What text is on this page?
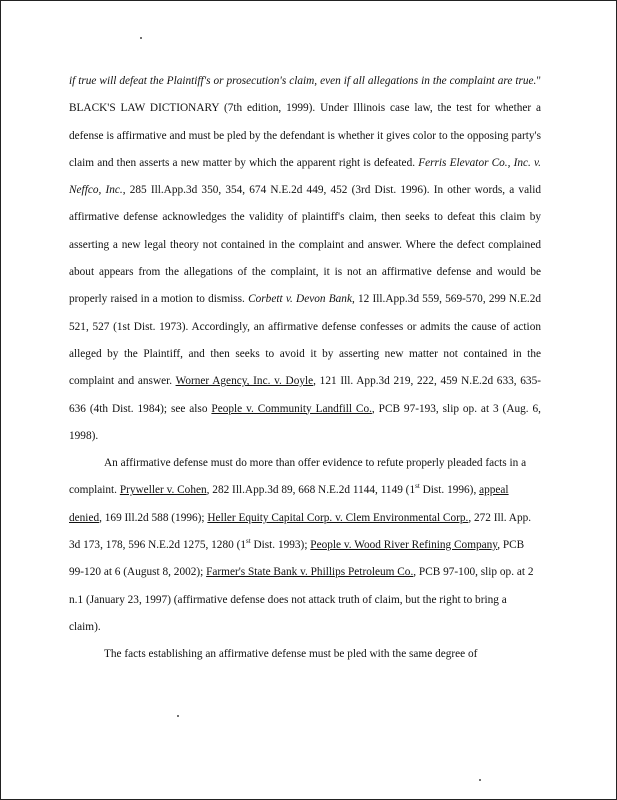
if true will defeat the Plaintiff's or prosecution's claim, even if all allegations in the complaint are true." BLACK'S LAW DICTIONARY (7th edition, 1999). Under Illinois case law, the test for whether a defense is affirmative and must be pled by the defendant is whether it gives color to the opposing party's claim and then asserts a new matter by which the apparent right is defeated. Ferris Elevator Co., Inc. v. Neffco, Inc., 285 Ill.App.3d 350, 354, 674 N.E.2d 449, 452 (3rd Dist. 1996). In other words, a valid affirmative defense acknowledges the validity of plaintiff's claim, then seeks to defeat this claim by asserting a new legal theory not contained in the complaint and answer. Where the defect complained about appears from the allegations of the complaint, it is not an affirmative defense and would be properly raised in a motion to dismiss. Corbett v. Devon Bank, 12 Ill.App.3d 559, 569-570, 299 N.E.2d 521, 527 (1st Dist. 1973). Accordingly, an affirmative defense confesses or admits the cause of action alleged by the Plaintiff, and then seeks to avoid it by asserting new matter not contained in the complaint and answer. Worner Agency, Inc. v. Doyle, 121 Ill. App.3d 219, 222, 459 N.E.2d 633, 635-636 (4th Dist. 1984); see also People v. Community Landfill Co., PCB 97-193, slip op. at 3 (Aug. 6, 1998).

An affirmative defense must do more than offer evidence to refute properly pleaded facts in a complaint. Pryweller v. Cohen, 282 Ill.App.3d 89, 668 N.E.2d 1144, 1149 (1st Dist. 1996), appeal denied, 169 Ill.2d 588 (1996); Heller Equity Capital Corp. v. Clem Environmental Corp., 272 Ill. App. 3d 173, 178, 596 N.E.2d 1275, 1280 (1st Dist. 1993); People v. Wood River Refining Company, PCB 99-120 at 6 (August 8, 2002); Farmer's State Bank v. Phillips Petroleum Co., PCB 97-100, slip op. at 2 n.1 (January 23, 1997) (affirmative defense does not attack truth of claim, but the right to bring a claim).

The facts establishing an affirmative defense must be pled with the same degree of
